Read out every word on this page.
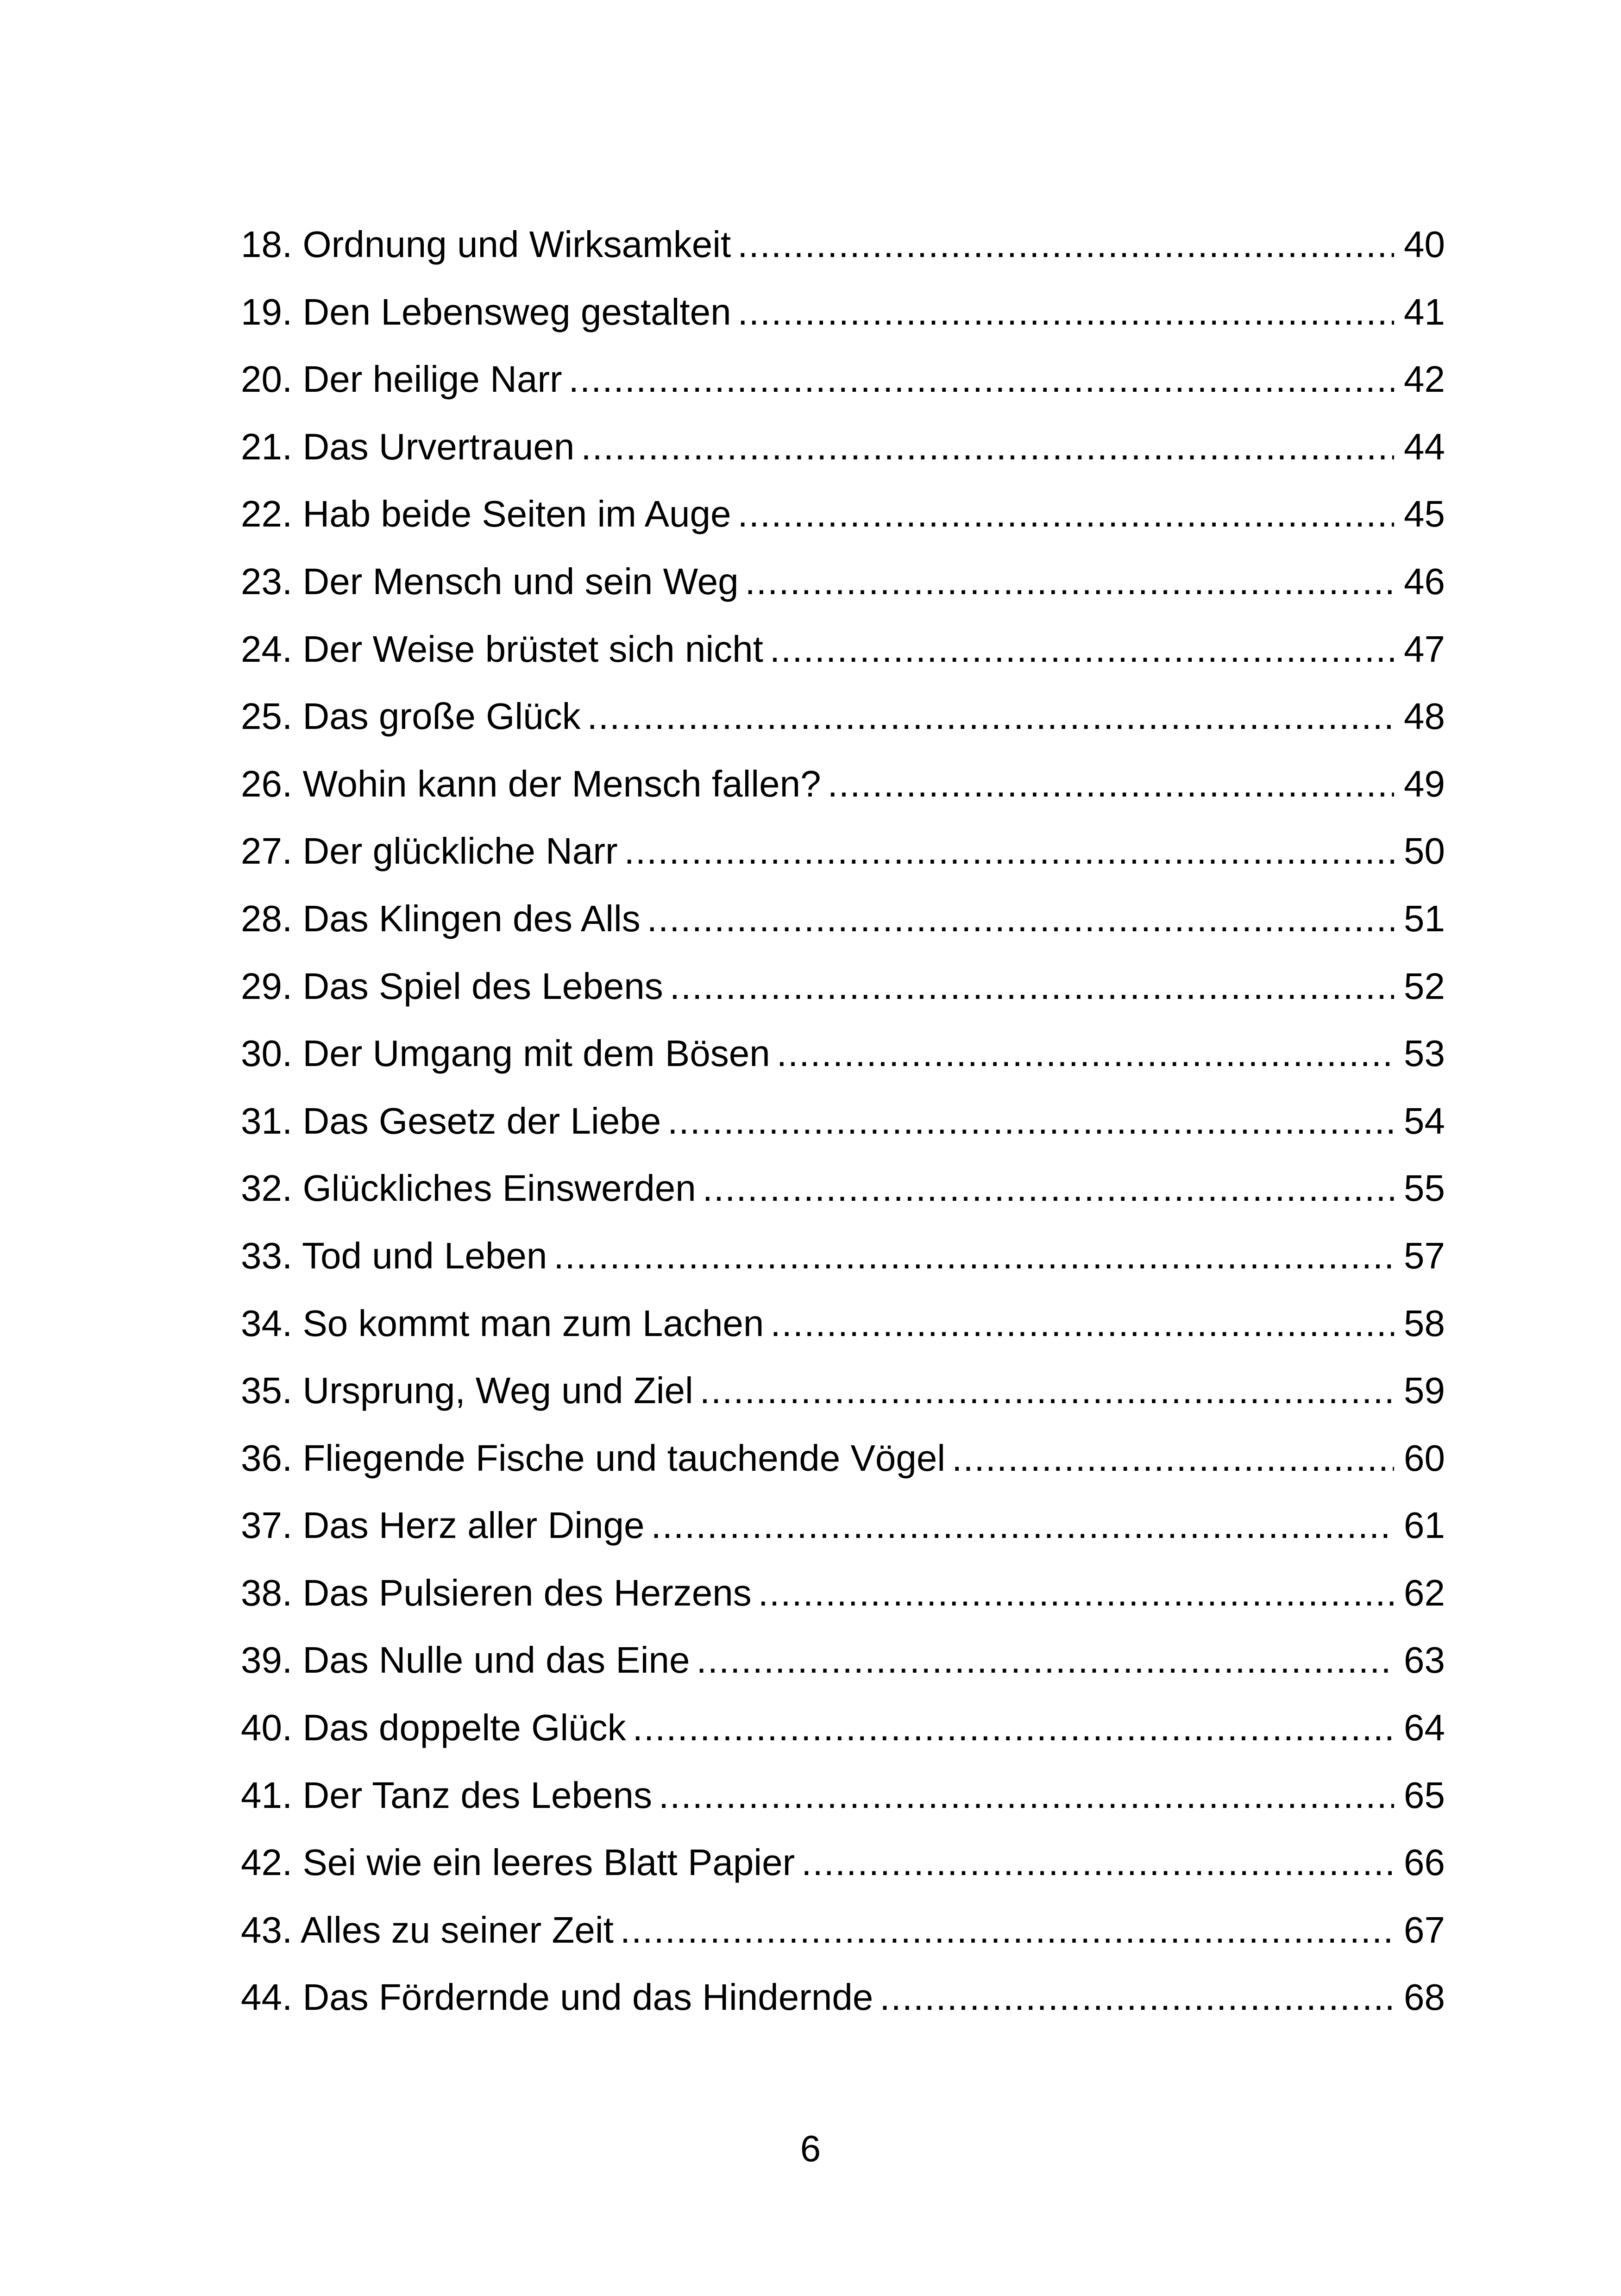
18. Ordnung und Wirksamkeit .....	40
19. Den Lebensweg gestalten .....	41
20. Der heilige Narr .....	42
21. Das Urvertrauen .....	44
22. Hab beide Seiten im Auge .....	45
23. Der Mensch und sein Weg .....	46
24. Der Weise brüstet sich nicht .....	47
25. Das große Glück .....	48
26. Wohin kann der Mensch fallen? .....	49
27. Der glückliche Narr .....	50
28. Das Klingen des Alls .....	51
29. Das Spiel des Lebens .....	52
30. Der Umgang mit dem Bösen .....	53
31. Das Gesetz der Liebe .....	54
32. Glückliches Einswerden .....	55
33. Tod und Leben .....	57
34. So kommt man zum Lachen .....	58
35. Ursprung, Weg und Ziel .....	59
36. Fliegende Fische und tauchende Vögel .....	60
37. Das Herz aller Dinge .....	61
38. Das Pulsieren des Herzens .....	62
39. Das Nulle und das Eine .....	63
40. Das doppelte Glück .....	64
41. Der Tanz des Lebens .....	65
42. Sei wie ein leeres Blatt Papier .....	66
43. Alles zu seiner Zeit .....	67
44. Das Fördernde und das Hindernde .....	68
6
